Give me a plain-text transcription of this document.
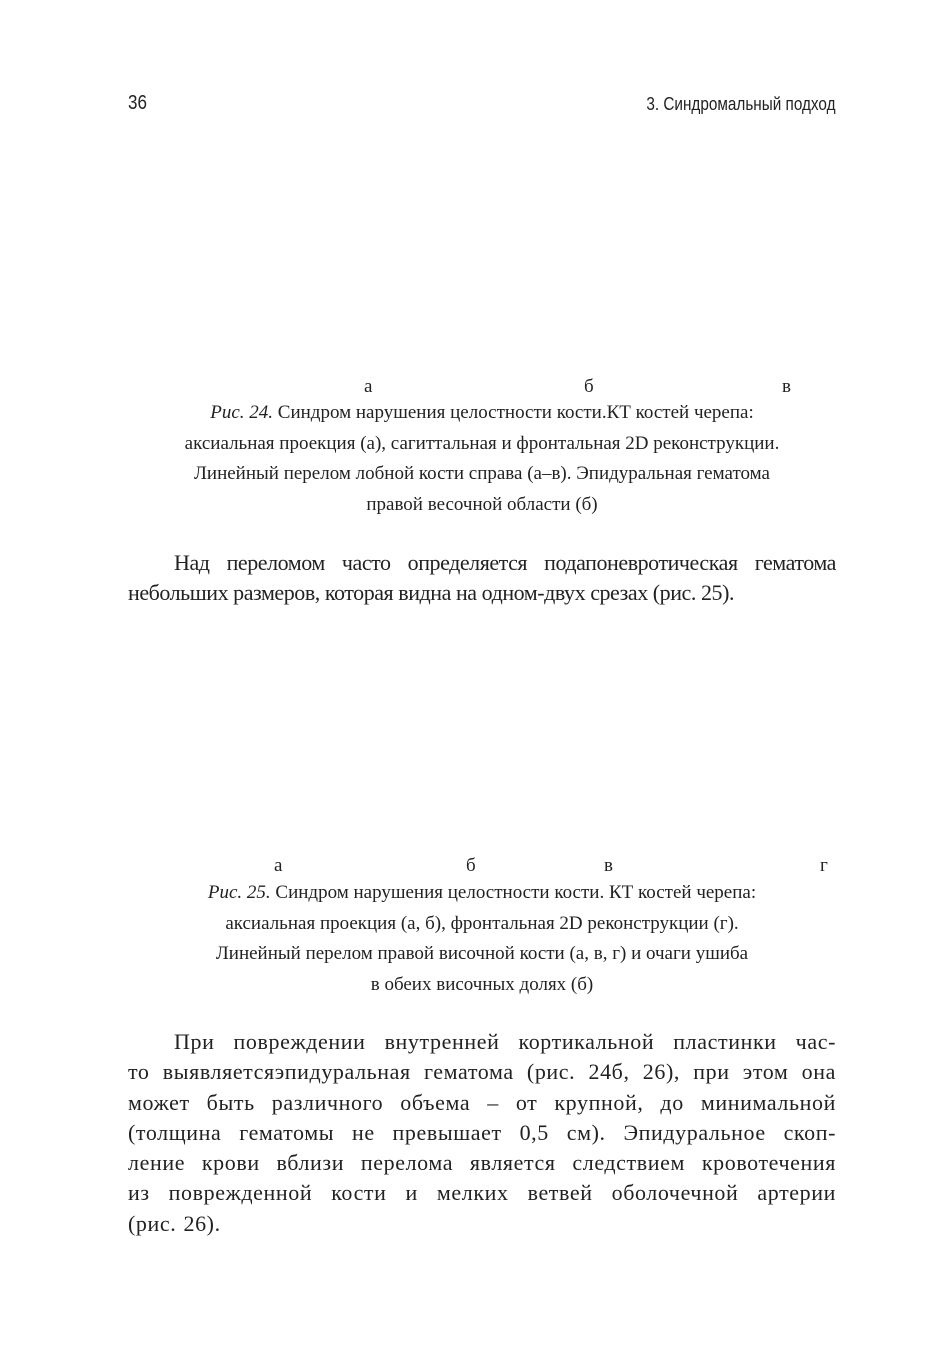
36	3. Синдромальный подход
а	б	в
Рис. 24. Синдром нарушения целостности кости.КТ костей черепа:
аксиальная проекция (а), сагиттальная и фронтальная 2D реконструкции.
Линейный перелом лобной кости справа (а–в). Эпидуральная гематома
правой весочной области (б)
Над переломом часто определяется подапоневротическая гематома
небольших размеров, которая видна на одном-двух срезах (рис. 25).
а	б	в	г
Рис. 25. Синдром нарушения целостности кости. КТ костей черепа:
аксиальная проекция (а, б), фронтальная 2D реконструкции (г).
Линейный перелом правой височной кости (а, в, г) и очаги ушиба
в обеих височных долях (б)
При повреждении внутренней кортикальной пластинки час-
то выявляетсяэпидуральная гематома (рис. 24б, 26), при этом она
может быть различного объема – от крупной, до минимальной
(толщина гематомы не превышает 0,5 см). Эпидуральное скоп-
ление крови вблизи перелома является следствием кровотечения
из поврежденной кости и мелких ветвей оболочечной артерии
(рис. 26).
